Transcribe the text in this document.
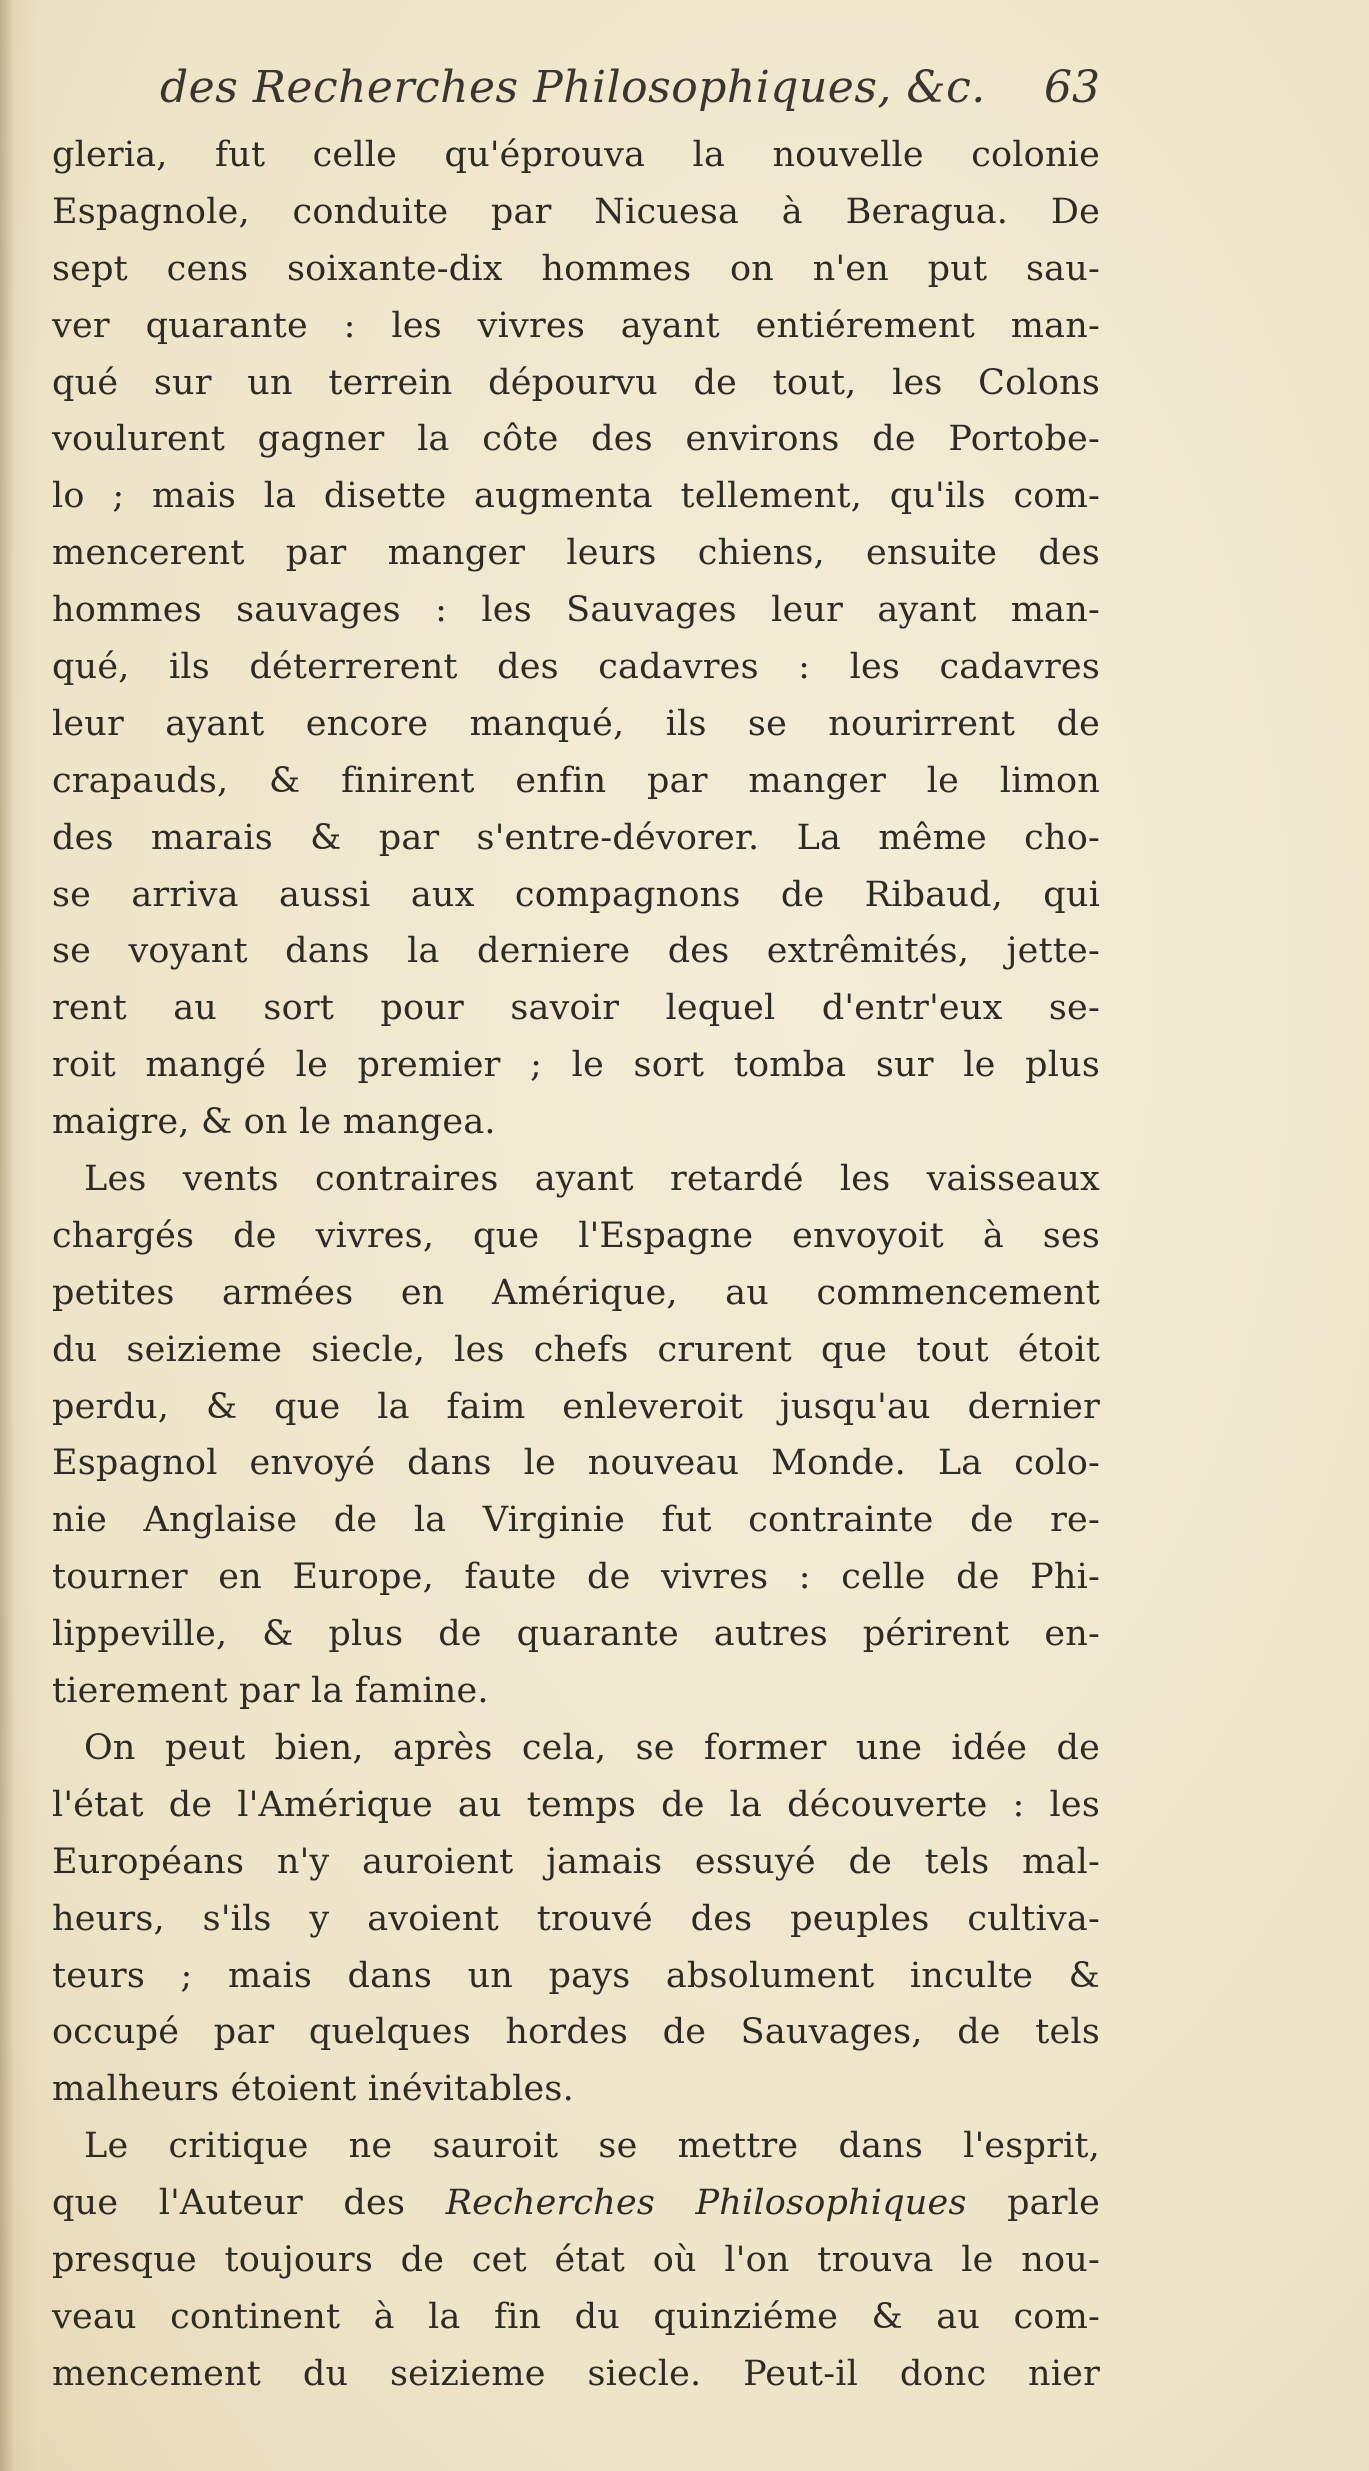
des Recherches Philosophiques, &c.	63
gleria, fut celle qu'éprouva la nouvelle colonie
Espagnole, conduite par Nicuesa à Beragua. De
sept cens soixante-dix hommes on n'en put sau-
ver quarante : les vivres ayant entiérement man-
qué sur un terrein dépourvu de tout, les Colons
voulurent gagner la côte des environs de Portobe-
lo ; mais la disette augmenta tellement, qu'ils com-
mencerent par manger leurs chiens, ensuite des
hommes sauvages : les Sauvages leur ayant man-
qué, ils déterrerent des cadavres : les cadavres
leur ayant encore manqué, ils se nourirrent de
crapauds, & finirent enfin par manger le limon
des marais & par s'entre-dévorer. La même cho-
se arriva aussi aux compagnons de Ribaud, qui
se voyant dans la derniere des extrêmités, jette-
rent au sort pour savoir lequel d'entr'eux se-
roit mangé le premier ; le sort tomba sur le plus
maigre, & on le mangea.
Les vents contraires ayant retardé les vaisseaux
chargés de vivres, que l'Espagne envoyoit à ses
petites armées en Amérique, au commencement
du seizieme siecle, les chefs crurent que tout étoit
perdu, & que la faim enleveroit jusqu'au dernier
Espagnol envoyé dans le nouveau Monde. La colo-
nie Anglaise de la Virginie fut contrainte de re-
tourner en Europe, faute de vivres : celle de Phi-
lippeville, & plus de quarante autres périrent en-
tierement par la famine.
On peut bien, après cela, se former une idée de
l'état de l'Amérique au temps de la découverte : les
Européans n'y auroient jamais essuyé de tels mal-
heurs, s'ils y avoient trouvé des peuples cultiva-
teurs ; mais dans un pays absolument inculte &
occupé par quelques hordes de Sauvages, de tels
malheurs étoient inévitables.
Le critique ne sauroit se mettre dans l'esprit,
que l'Auteur des Recherches Philosophiques parle
presque toujours de cet état où l'on trouva le nou-
veau continent à la fin du quinziéme & au com-
mencement du seizieme siecle. Peut-il donc nier
